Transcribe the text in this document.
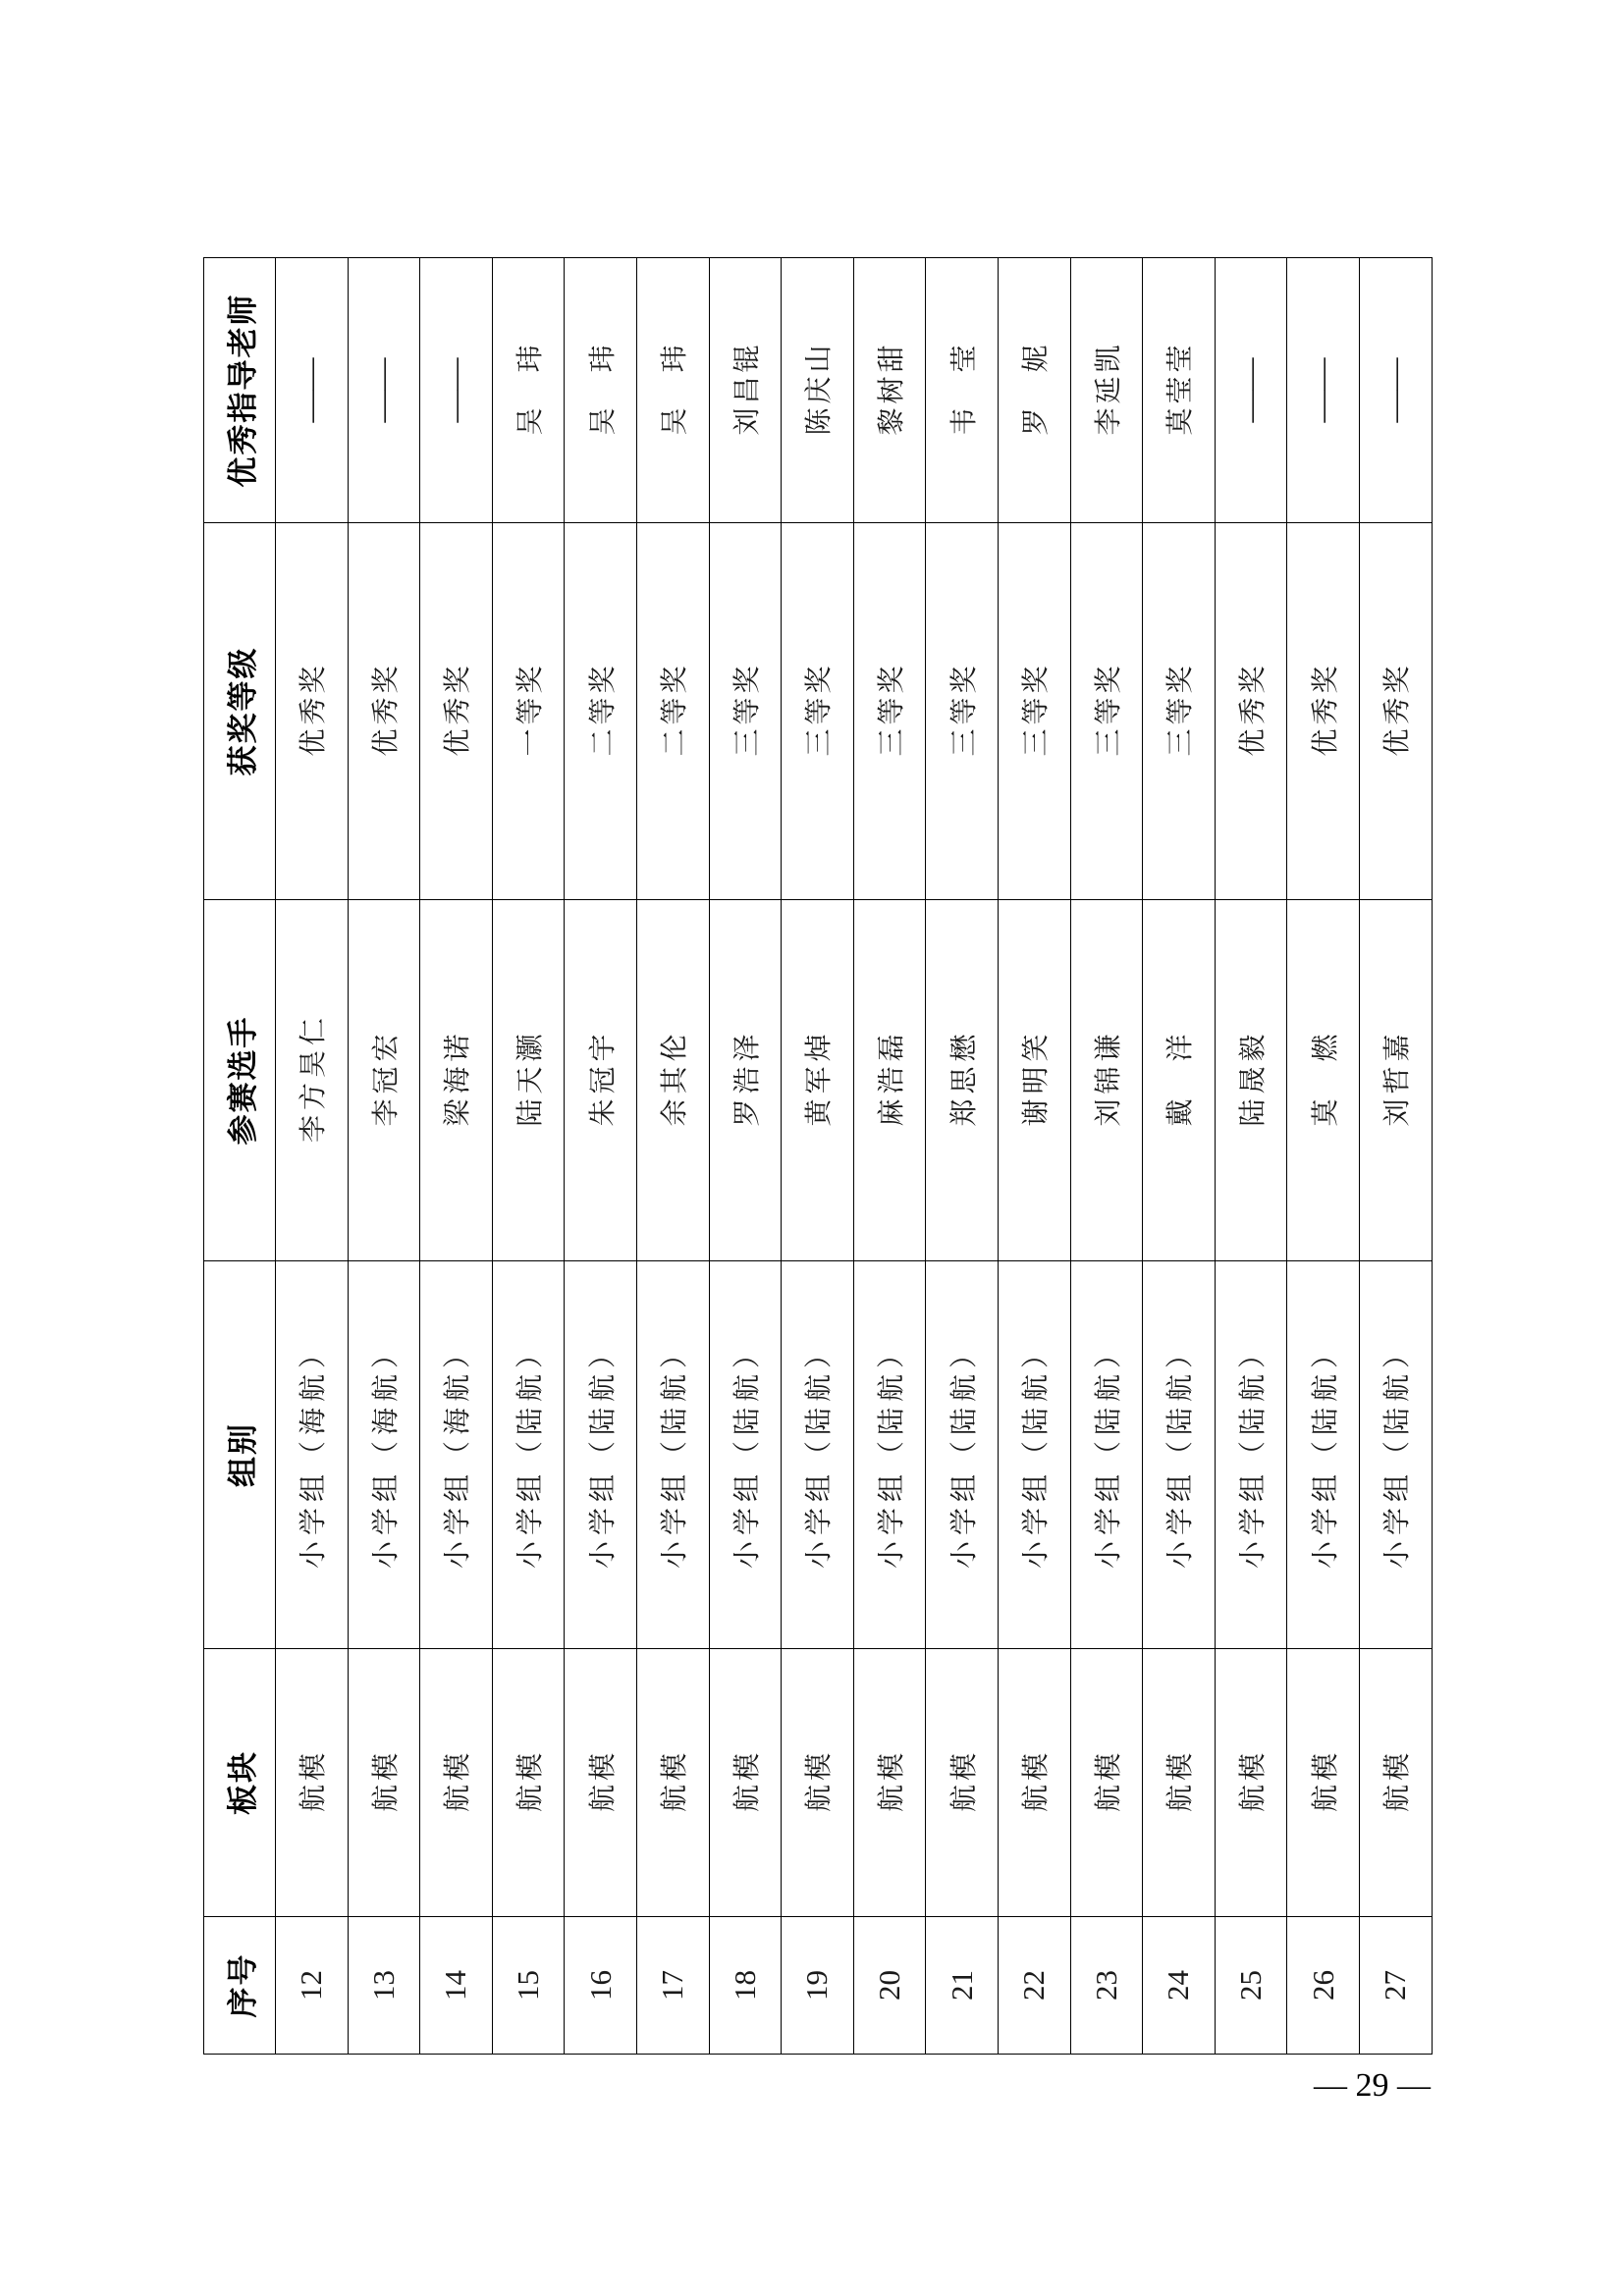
序号	板块	组别	参赛选手	获奖等级	优秀指导老师
12	航模	小学组（海航）	李方昊仁	优秀奖	——
13	航模	小学组（海航）	李冠宏	优秀奖	——
14	航模	小学组（海航）	梁海诺	优秀奖	——
15	航模	小学组（陆航）	陆天灏	一等奖	吴　玮
16	航模	小学组（陆航）	朱冠宇	二等奖	吴　玮
17	航模	小学组（陆航）	余其伦	二等奖	吴　玮
18	航模	小学组（陆航）	罗浩泽	三等奖	刘昌锟
19	航模	小学组（陆航）	黄军焯	三等奖	陈庆山
20	航模	小学组（陆航）	麻浩磊	三等奖	黎树甜
21	航模	小学组（陆航）	郑思懋	三等奖	韦　莹
22	航模	小学组（陆航）	谢明笑	三等奖	罗　妮
23	航模	小学组（陆航）	刘锦谦	三等奖	李延凯
24	航模	小学组（陆航）	戴　洋	三等奖	莫莹莹
25	航模	小学组（陆航）	陆晟毅	优秀奖	——
26	航模	小学组（陆航）	莫　燃	优秀奖	——
27	航模	小学组（陆航）	刘哲嘉	优秀奖	——
— 29 —
